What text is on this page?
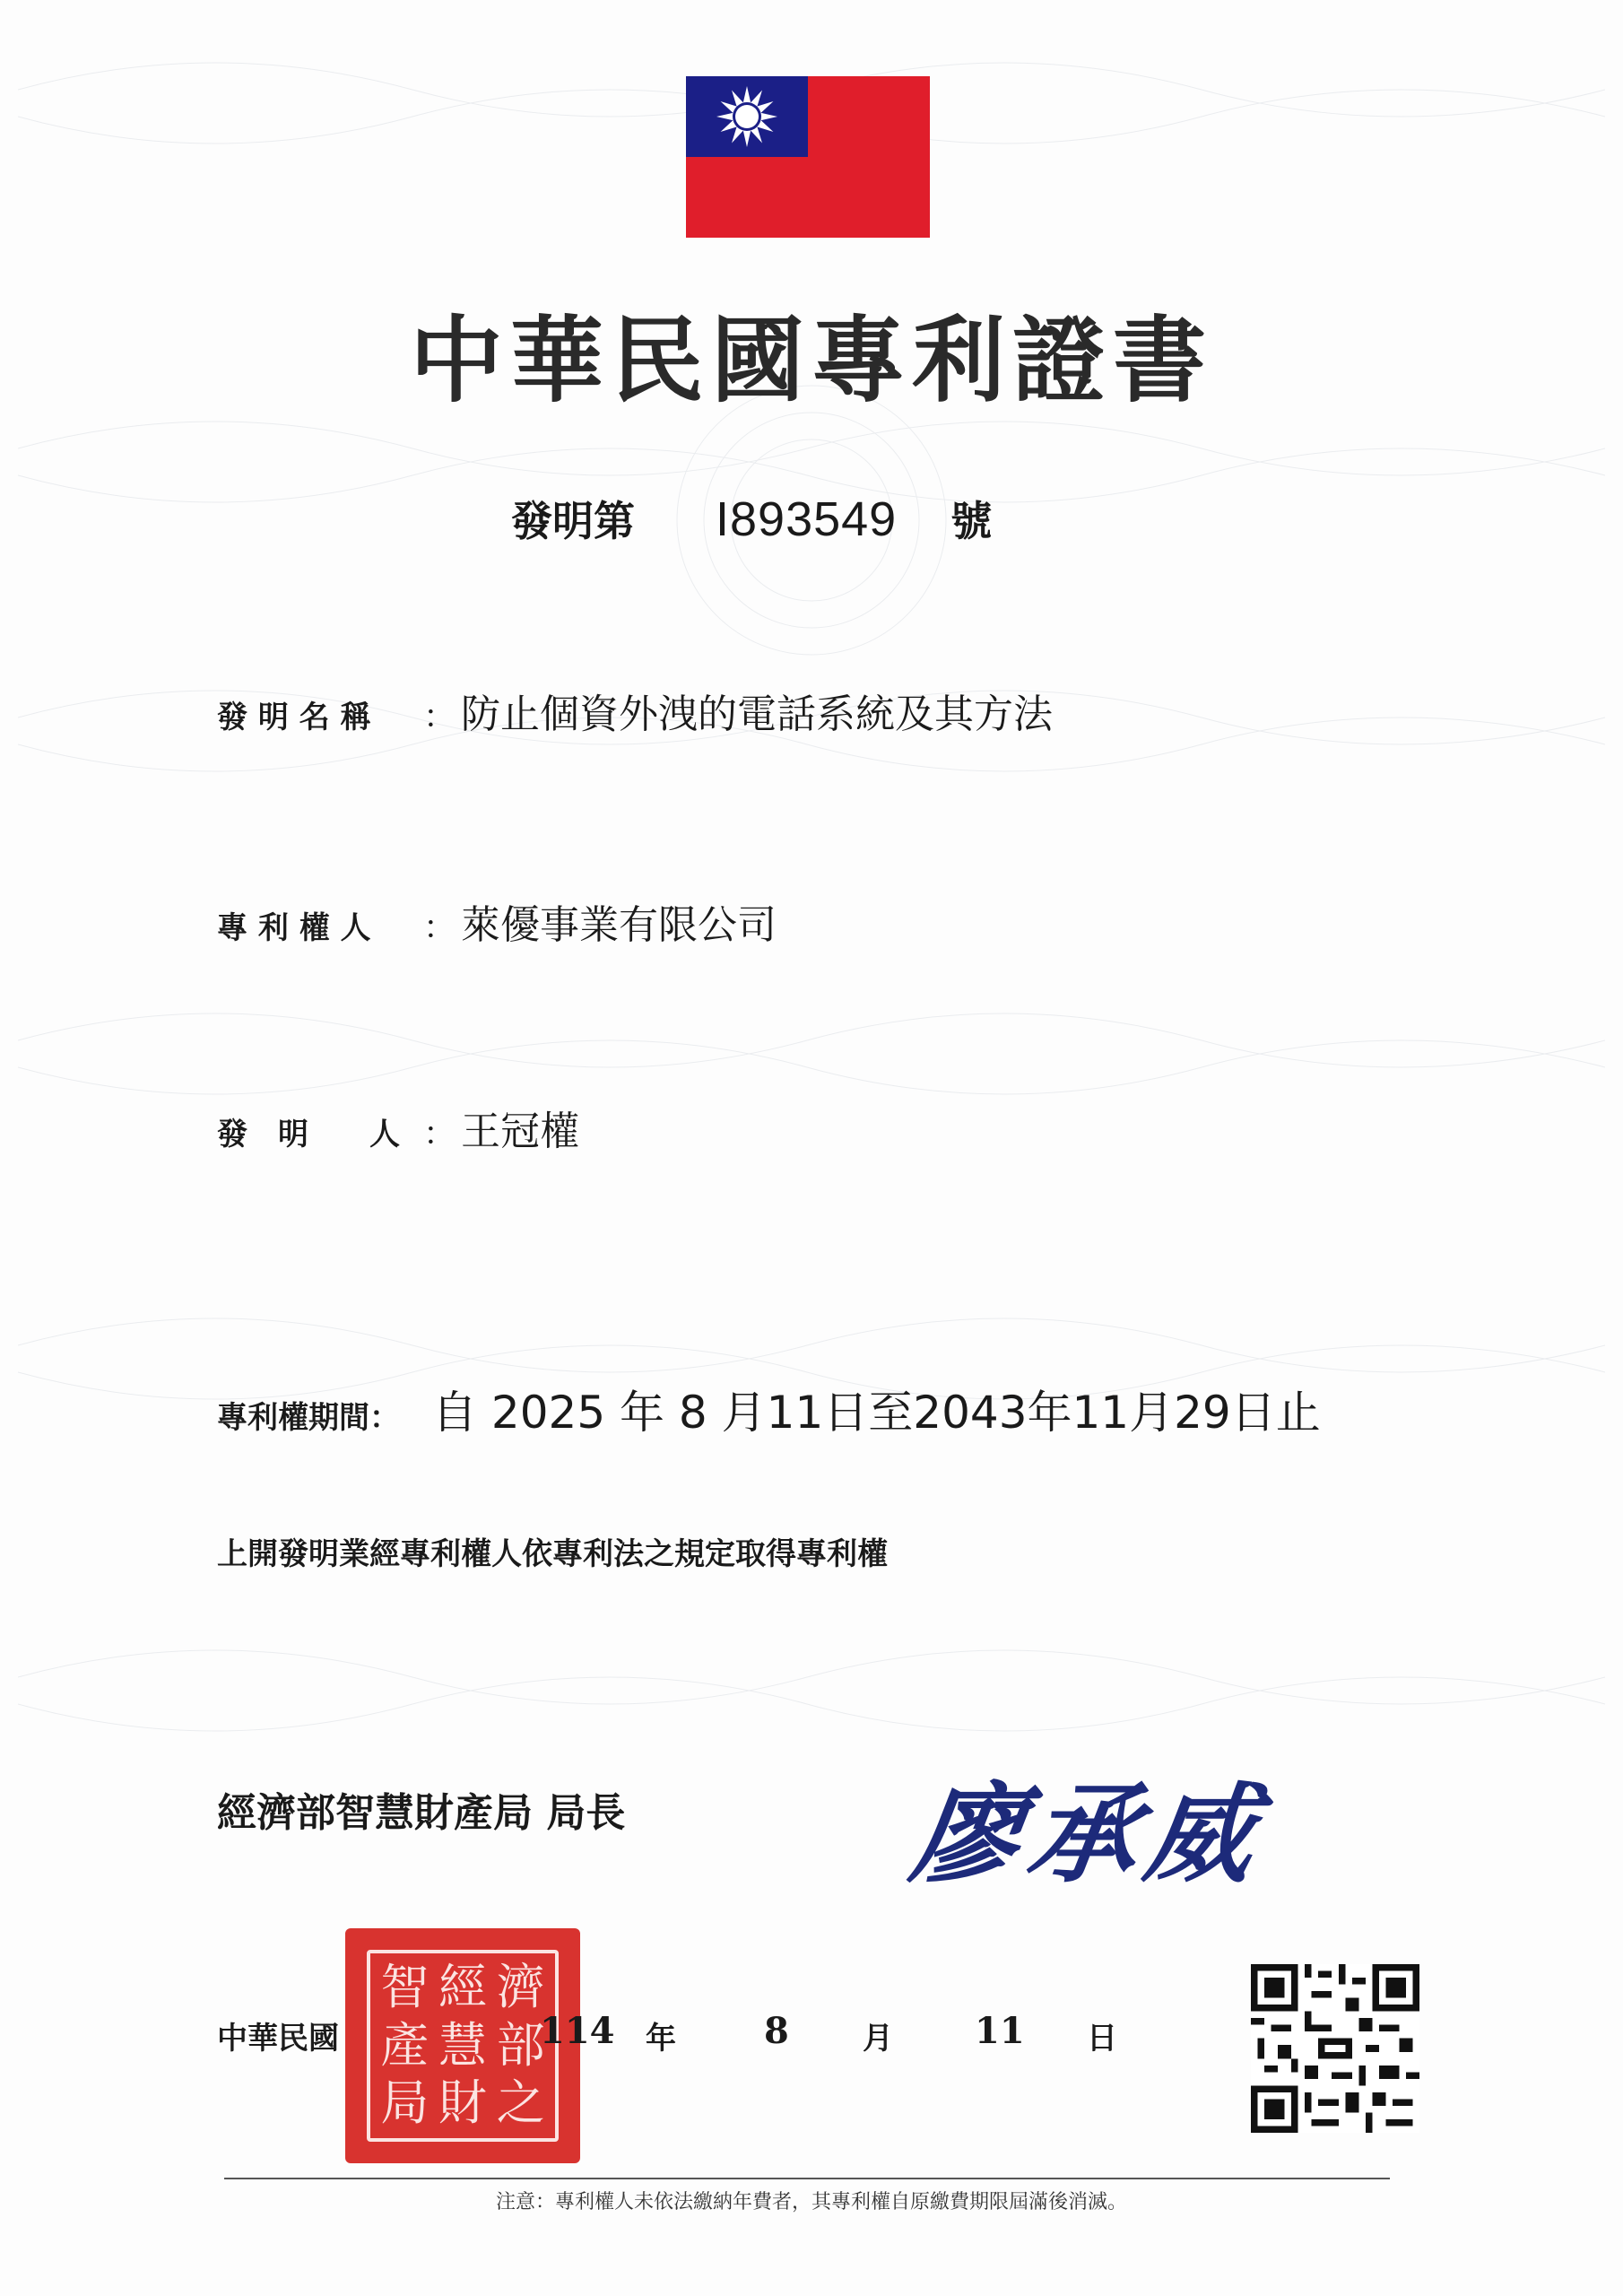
中華民國專利證書
發明第 I893549 號
發 明 名 稱 ： 防止個資外洩的電話系統及其方法
專 利 權 人 ： 萊優事業有限公司
發　明　　人 ： 王冠權
專利權期間： 自 2025 年 8 月11日至2043年11月29日止
上開發明業經專利權人依專利法之規定取得專利權
經濟部智慧財產局 局長	廖承威
智 經 濟
產 慧 部
局 財 之
中華民國	114 年 8 月 11 日
注意：專利權人未依法繳納年費者，其專利權自原繳費期限屆滿後消滅。
